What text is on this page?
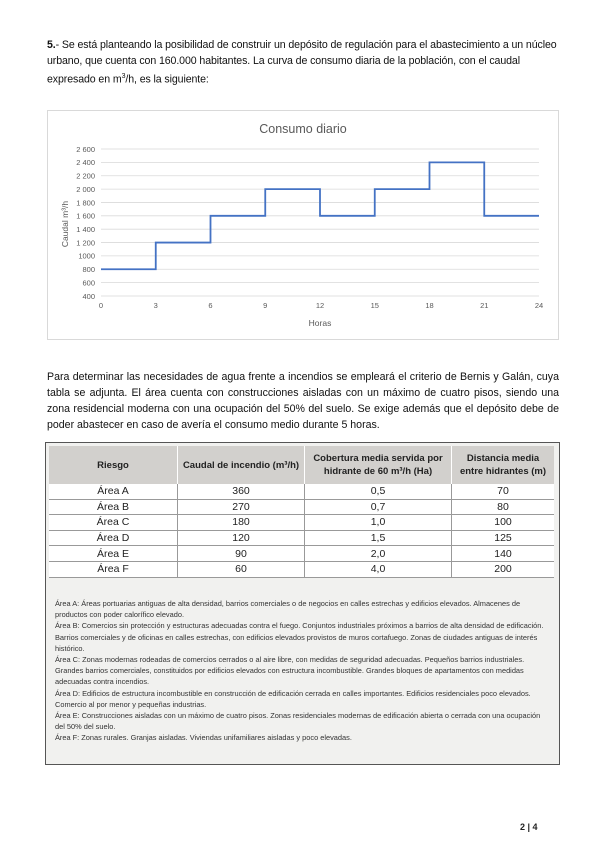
5.- Se está planteando la posibilidad de construir un depósito de regulación para el abastecimiento a un núcleo urbano, que cuenta con 160.000 habitantes. La curva de consumo diaria de la población, con el caudal expresado en $m^3/h$, es la siguiente:
Consumo diario
400
600
800
1000
1 200
1 400
1 600
1 800
2 000
2 200
2 400
2 600
0	3	6	9	12	15	18	21	24
Caudal m³/h
Horas
Para determinar las necesidades de agua frente a incendios se empleará el criterio de Bernis y Galán, cuya tabla se adjunta. El área cuenta con construcciones aisladas con un máximo de cuatro pisos, siendo una zona residencial moderna con una ocupación del 50% del suelo. Se exige además que el depósito debe de poder abastecer en caso de avería el consumo medio durante 5 horas.
Riesgo	Caudal de incendio (m³/h)	Cobertura media servida por hidrante de 60 m³/h (Ha)	Distancia media entre hidrantes (m)
Área A	360	0,5	70
Área B	270	0,7	80
Área C	180	1,0	100
Área D	120	1,5	125
Área E	90	2,0	140
Área F	60	4,0	200

Área A: Áreas portuarias antiguas de alta densidad, barrios comerciales o de negocios en calles estrechas y edificios elevados. Almacenes de productos con poder calorífico elevado.

Área B: Comercios sin protección y estructuras adecuadas contra el fuego. Conjuntos industriales próximos a barrios de alta densidad de edificación. Barrios comerciales y de oficinas en calles estrechas, con edificios elevados provistos de muros cortafuego. Zonas de ciudades antiguas de interés histórico.

Área C: Zonas modernas rodeadas de comercios cerrados o al aire libre, con medidas de seguridad adecuadas. Pequeños barrios industriales. Grandes barrios comerciales, constituidos por edificios elevados con estructura incombustible. Grandes bloques de apartamentos con medidas adecuadas contra incendios.

Área D: Edificios de estructura incombustible en construcción de edificación cerrada en calles importantes. Edificios residenciales poco elevados. Comercio al por menor y pequeñas industrias.

Área E: Construcciones aisladas con un máximo de cuatro pisos. Zonas residenciales modernas de edificación abierta o cerrada con una ocupación del 50% del suelo.

Área F: Zonas rurales. Granjas aisladas. Viviendas unifamiliares aisladas y poco elevadas.

2 | 4
